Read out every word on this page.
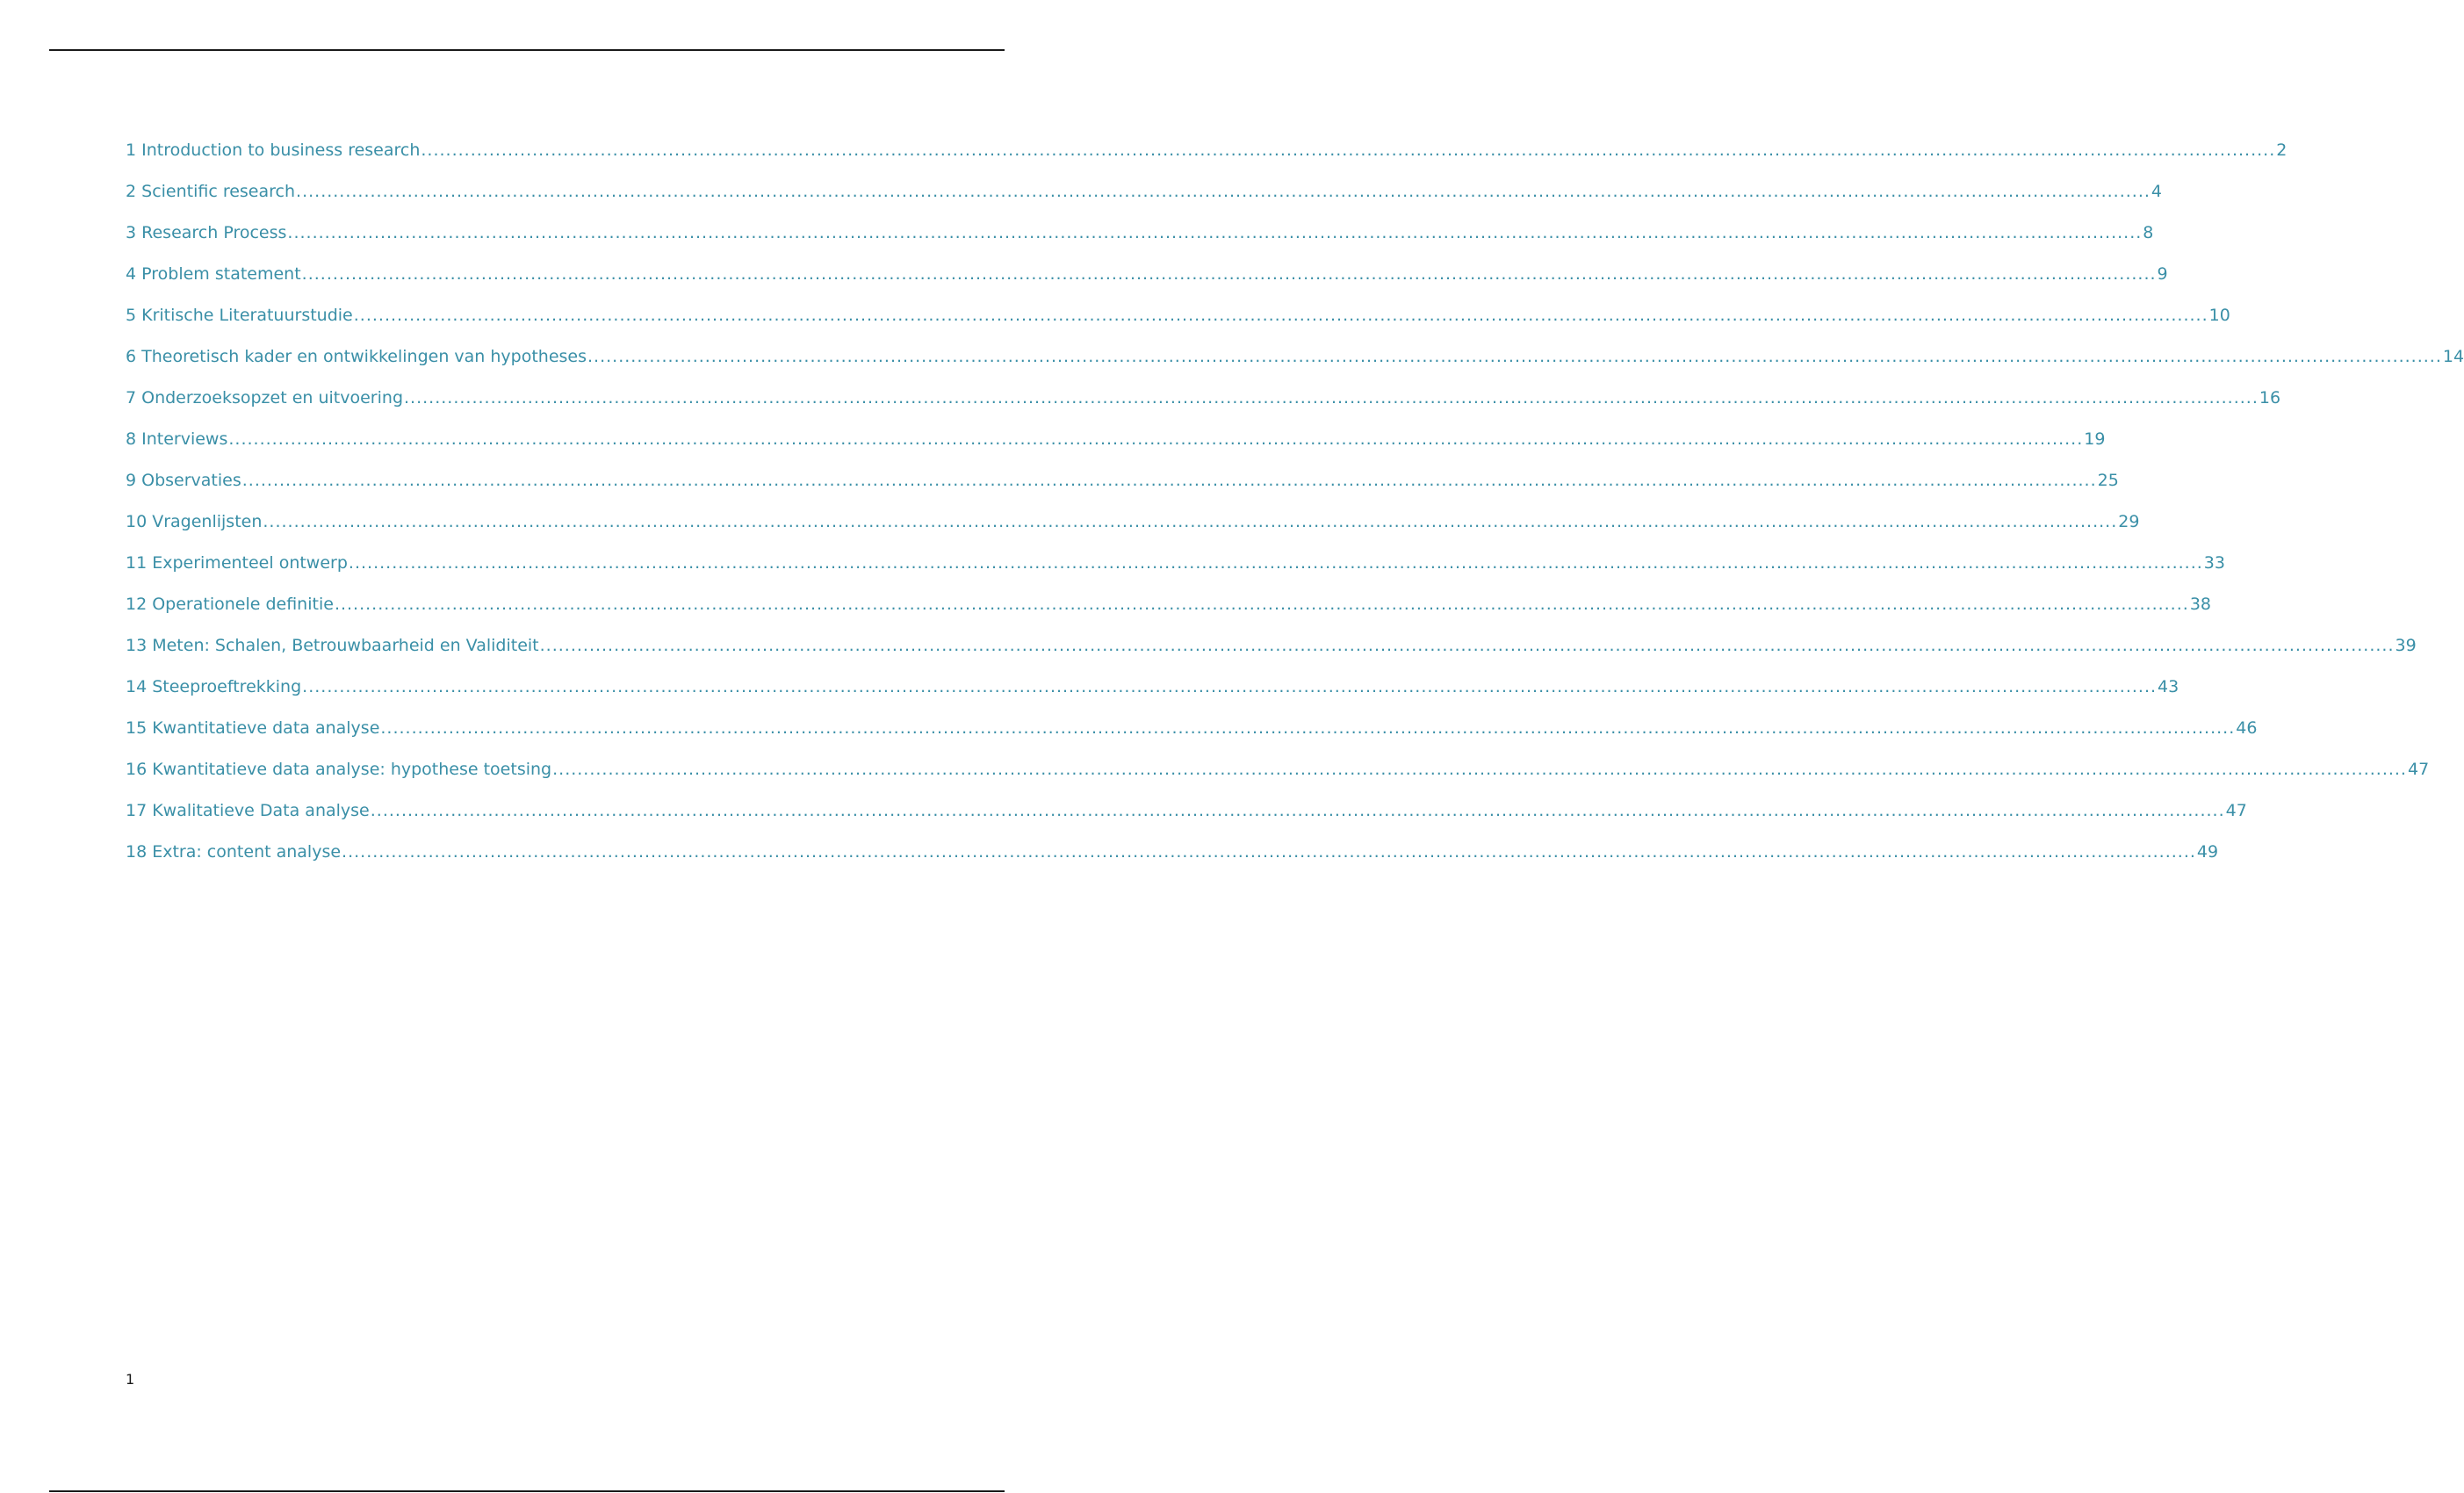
1 Introduction to business research ............................................................................................................................................................................................................................................................................................................ 2
2 Scientific research ............................................................................................................................................................................................................................................................................................................ 4
3 Research Process ............................................................................................................................................................................................................................................................................................................ 8
4 Problem statement ............................................................................................................................................................................................................................................................................................................ 9
5 Kritische Literatuurstudie ............................................................................................................................................................................................................................................................................................................ 10
6 Theoretisch kader en ontwikkelingen van hypotheses ............................................................................................................................................................................................................................................................................................................ 14
7 Onderzoeksopzet en uitvoering ............................................................................................................................................................................................................................................................................................................ 16
8 Interviews ............................................................................................................................................................................................................................................................................................................ 19
9 Observaties ............................................................................................................................................................................................................................................................................................................ 25
10 Vragenlijsten ............................................................................................................................................................................................................................................................................................................ 29
11 Experimenteel ontwerp ............................................................................................................................................................................................................................................................................................................ 33
12 Operationele definitie ............................................................................................................................................................................................................................................................................................................ 38
13 Meten: Schalen, Betrouwbaarheid en Validiteit ............................................................................................................................................................................................................................................................................................................ 39
14 Steeproeftrekking ............................................................................................................................................................................................................................................................................................................ 43
15 Kwantitatieve data analyse ............................................................................................................................................................................................................................................................................................................ 46
16 Kwantitatieve data analyse: hypothese toetsing ............................................................................................................................................................................................................................................................................................................ 47
17 Kwalitatieve Data analyse ............................................................................................................................................................................................................................................................................................................ 47
18 Extra: content analyse ............................................................................................................................................................................................................................................................................................................ 49
1
